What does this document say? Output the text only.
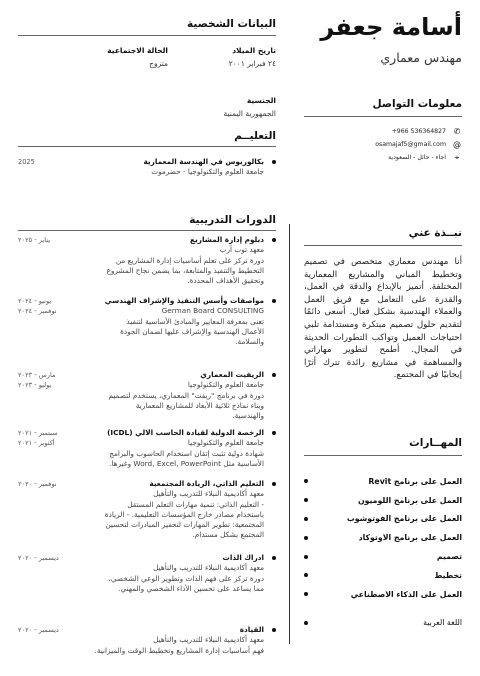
أسامة جعفر
مهندس معماري
معلومات التواصل
✆
+966 536364827
@
osamajaf5@gmail.com
⌖
اجاء - حائل - السعودية
نبــذة عني
أنا مهندس معماري متخصص في تصميم وتخطيط المباني والمشاريع المعمارية المختلفة. أتميز بالإبداع والدقة في العمل، والقدرة على التعامل مع فريق العمل والعملاء الهندسية بشكل فعال. أسعى دائمًا لتقديم حلول تصميم مبتكرة ومستدامة تلبي احتياجات العميل وتواكب التطورات الحديثة في المجال. أطمح لتطوير مهاراتي والمساهمة في مشاريع رائدة تترك أثرًا إيجابيًا في المجتمع.
المهــارات
العمل على برنامج Revit
العمل على برنامج اللوميون
العمل على برنامج الفوتوشوب
العمل على برنامج الاوتوكاد
تصميم
تخطيط
العمل على الذكاء الاصطناعي
اللغة العربية
البيانات الشخصية
تاريخ الميلاد
٢٤ فبراير ٢٠٠١
الحالة الاجتماعية
متزوج
الجنسية
الجمهورية اليمنية
التعليــم
بكالوريوس في الهندسة المعمارية
جامعة العلوم والتكنولوجيا - حضرموت
2025
الدورات التدريبية
دبلوم إدارة المشاريع
معهد توب آرب
دورة تركز على تعلم أساسيات إدارة المشاريع من التخطيط والتنفيذ والمتابعة، بما يضمن نجاح المشروع وتحقيق الأهداف المحددة.
يناير - ٢٠٢٥
مواصفات وأسس التنفيذ والإشراف الهندسي
German Board CONSULTING
تعنى بمعرفة المعايير والمبادئ الأساسية لتنفيذ الأعمال الهندسية والإشراف عليها لضمان الجودة والسلامة.
يونيو - ٢٠٢٤
نوفمبر - ٢٠٢٤
الريفيت المعماري
جامعة العلوم والتكنولوجيا
دورة في برنامج "ريفت" المعماري، يستخدم لتصميم وبناء نماذج ثلاثية الأبعاد للمشاريع المعمارية والهندسية.
مارس - ٢٠٢٣
يوليو - ٢٠٢٣
الرخصة الدولية لقيادة الحاسب الالي (ICDL)
جامعة العلوم والتكنولوجيا
شهادة دولية تثبت إتقان استخدام الحاسوب والبرامج الأساسية مثل Word, Excel, PowerPoint وغيرها.
سبتمبر - ٢٠٢١
أكتوبر - ٢٠٢١
التعليم الذاتي، الريادة المجتمعية
معهد أكاديمية النبلاء للتدريب والتأهيل
- التعليم الذاتي: تنمية مهارات التعلم المستقل باستخدام مصادر خارج المؤسسات التعليمية. - الريادة المجتمعية: تطوير المهارات لتحفيز المبادرات لتحسين المجتمع بشكل مستدام.
نوفمبر - ٢٠٢٠
ادراك الذات
معهد أكاديمية النبلاء للتدريب والتأهيل
دورة تركز على فهم الذات وتطوير الوعي الشخصي، مما يساعد على تحسين الأداء الشخصي والمهني.
ديسمبر - ٢٠٢٠
القيادة
معهد أكاديمية النبلاء للتدريب والتأهيل
فهم أساسيات إدارة المشاريع وتخطيط الوقت والميزانية.
ديسمبر - ٢٠٢٠
